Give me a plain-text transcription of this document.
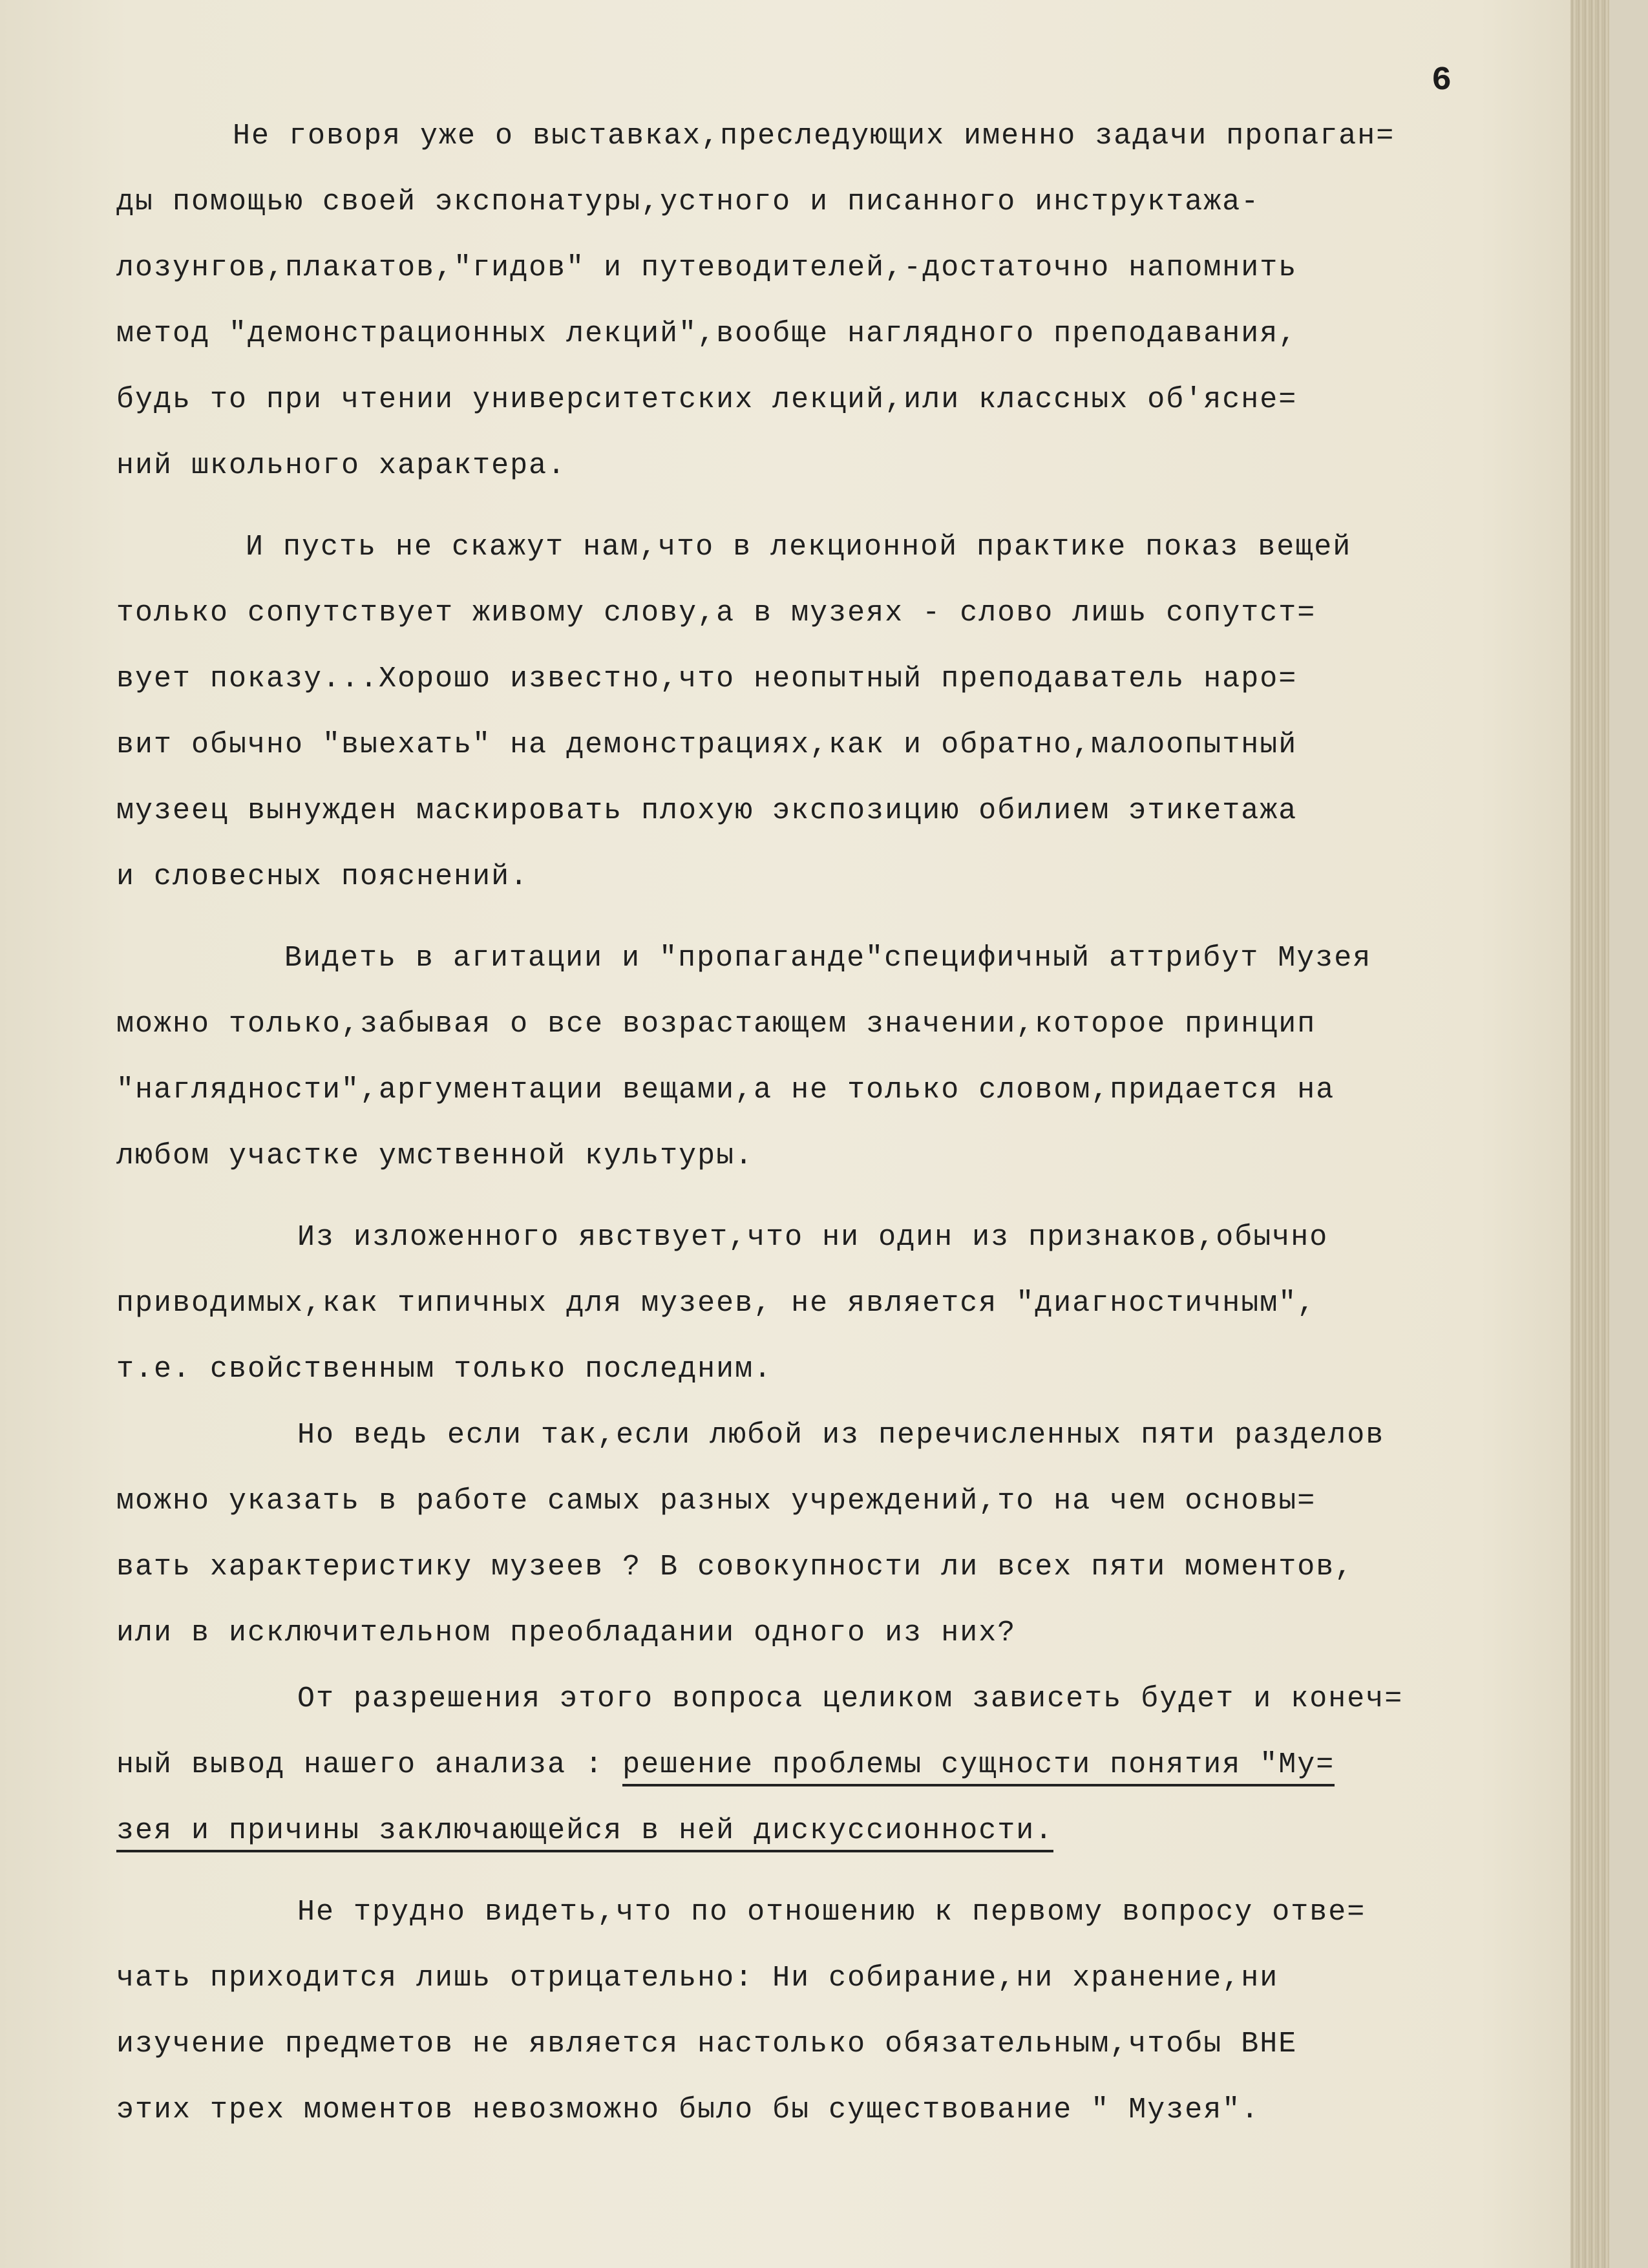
6

Не говоря уже о выставках,преследующих именно задачи пропаган=
ды помощью своей экспонатуры,устного и писанного инструктажа-
лозунгов,плакатов,"гидов" и путеводителей,-достаточно напомнить
метод "демонстрационных лекций",вообще наглядного преподавания,
будь то при чтении университетских лекций,или классных об'ясне=
ний школьного характера.
И пусть не скажут нам,что в лекционной практике показ вещей
только сопутствует живому слову,а в музеях - слово лишь сопутст=
вует показу...Хорошо известно,что неопытный преподаватель наро=
вит обычно "выехать" на демонстрациях,как и обратно,малоопытный
музеец вынужден маскировать плохую экспозицию обилием этикетажа
и словесных пояснений.
Видеть в агитации и "пропаганде"специфичный аттрибут Музея
можно только,забывая о все возрастающем значении,которое принцип
"наглядности",аргументации вещами,а не только словом,придается на
любом участке умственной культуры.
Из изложенного явствует,что ни один из признаков,обычно
приводимых,как типичных для музеев, не является "диагностичным",
т.е. свойственным только последним.
Но ведь если так,если любой из перечисленных пяти разделов
можно указать в работе самых разных учреждений,то на чем основы=
вать характеристику музеев ? В совокупности ли всех пяти моментов,
или в исключительном преобладании одного из них?
От разрешения этого вопроса целиком зависеть будет и конеч=
ный вывод нашего анализа : решение проблемы сущности понятия "Му=
зея и причины заключающейся в ней дискуссионности.
Не трудно видеть,что по отношению к первому вопросу отве=
чать приходится лишь отрицательно: Ни собирание,ни хранение,ни
изучение предметов не является настолько обязательным,чтобы ВНЕ
этих трех моментов невозможно было бы существование " Музея".
